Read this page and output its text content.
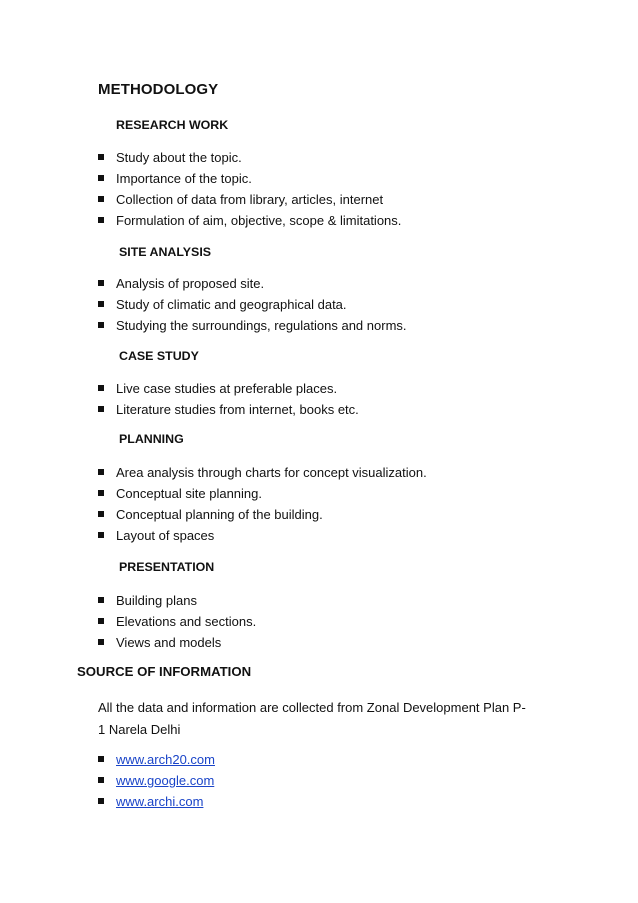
METHODOLOGY
RESEARCH WORK
Study about the topic.
Importance of the topic.
Collection of data from library, articles, internet
Formulation of aim, objective, scope & limitations.
SITE ANALYSIS
Analysis of proposed site.
Study of climatic and geographical data.
Studying the surroundings, regulations and norms.
CASE STUDY
Live case studies at preferable places.
Literature studies from internet, books etc.
PLANNING
Area analysis through charts for concept visualization.
Conceptual site planning.
Conceptual planning of the building.
Layout of spaces
PRESENTATION
Building plans
Elevations and sections.
Views and models
SOURCE OF INFORMATION
All the data and information are collected from Zonal Development Plan P-
1 Narela Delhi
www.arch20.com
www.google.com
www.archi.com
